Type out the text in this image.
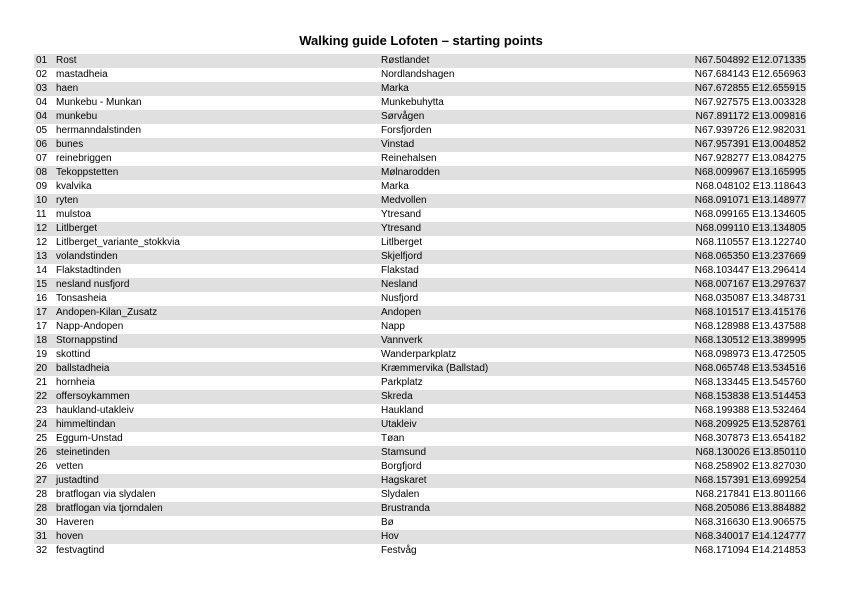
Walking guide Lofoten – starting points
01 Rost	Røstlandet	N67.504892 E12.071335
02 mastadheia	Nordlandshagen	N67.684143 E12.656963
03 haen	Marka	N67.672855 E12.655915
04 Munkebu - Munkan	Munkebuhytta	N67.927575 E13.003328
04 munkebu	Sørvågen	N67.891172 E13.009816
05 hermanndalstinden	Forsfjorden	N67.939726 E12.982031
06 bunes	Vinstad	N67.957391 E13.004852
07 reinebriggen	Reinehalsen	N67.928277 E13.084275
08 Tekoppstetten	Mølnarodden	N68.009967 E13.165995
09 kvalvika	Marka	N68.048102 E13.118643
10 ryten	Medvollen	N68.091071 E13.148977
11 mulstoa	Ytresand	N68.099165 E13.134605
12 Litlberget	Ytresand	N68.099110 E13.134805
12 Litlberget_variante_stokkvia	Litlberget	N68.110557 E13.122740
13 volandstinden	Skjelfjord	N68.065350 E13.237669
14 Flakstadtinden	Flakstad	N68.103447 E13.296414
15 nesland nusfjord	Nesland	N68.007167 E13.297637
16 Tonsasheia	Nusfjord	N68.035087 E13.348731
17 Andopen-Kilan_Zusatz	Andopen	N68.101517 E13.415176
17 Napp-Andopen	Napp	N68.128988 E13.437588
18 Stornappstind	Vannverk	N68.130512 E13.389995
19 skottind	Wanderparkplatz	N68.098973 E13.472505
20 ballstadheia	Kræmmervika (Ballstad)	N68.065748 E13.534516
21 hornheia	Parkplatz	N68.133445 E13.545760
22 offersoykammen	Skreda	N68.153838 E13.514453
23 haukland-utakleiv	Haukland	N68.199388 E13.532464
24 himmeltindan	Utakleiv	N68.209925 E13.528761
25 Eggum-Unstad	Tøan	N68.307873 E13.654182
26 steinetinden	Stamsund	N68.130026 E13.850110
26 vetten	Borgfjord	N68.258902 E13.827030
27 justadtind	Hagskaret	N68.157391 E13.699254
28 bratflogan via slydalen	Slydalen	N68.217841 E13.801166
28 bratflogan via tjorndalen	Brustranda	N68.205086 E13.884882
30 Haveren	Bø	N68.316630 E13.906575
31 hoven	Hov	N68.340017 E14.124777
32 festvagtind	Festvåg	N68.171094 E14.214853
